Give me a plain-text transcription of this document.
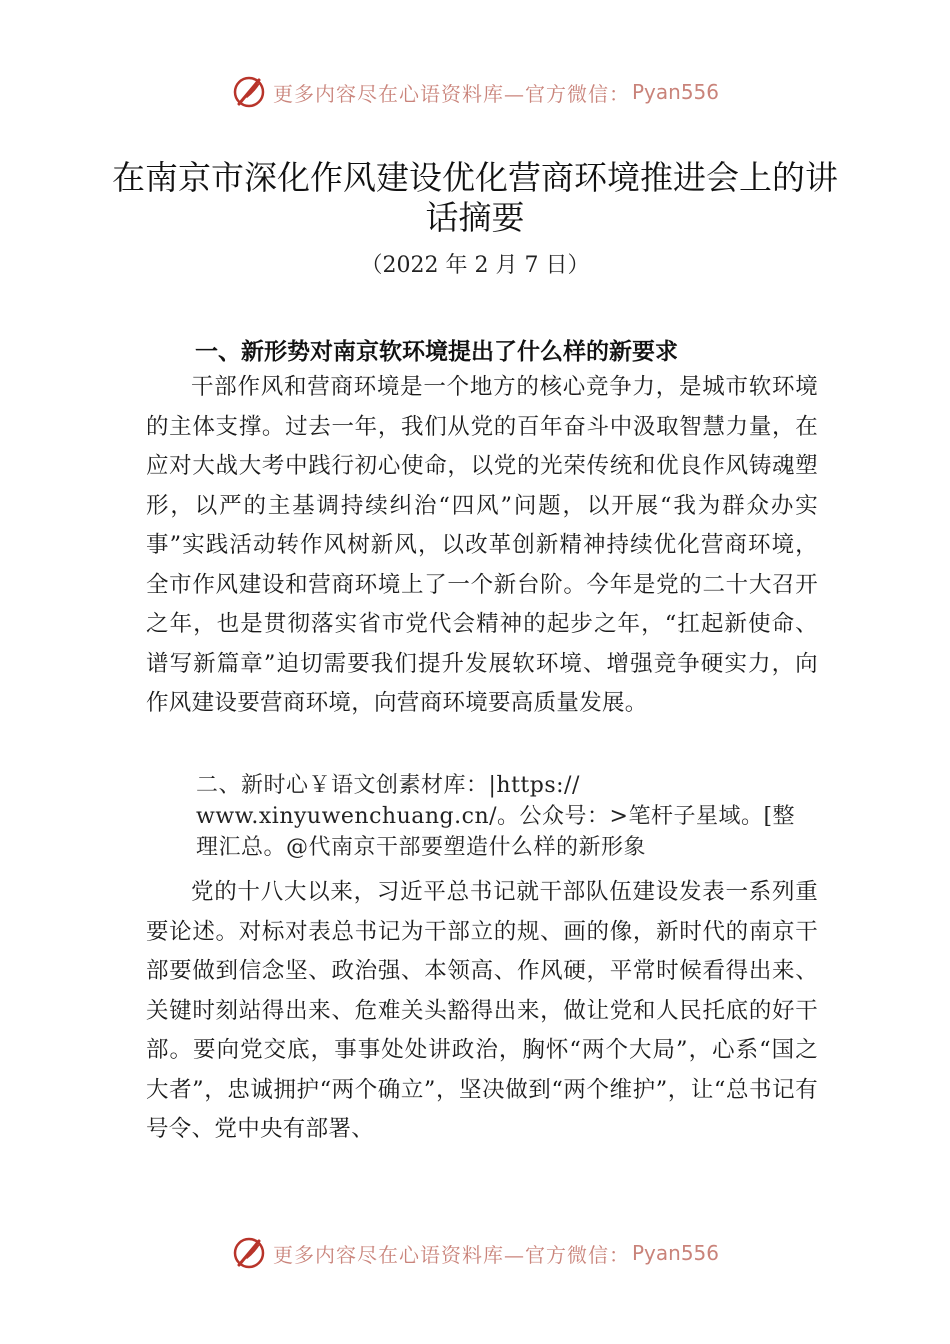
更多内容尽在心语资料库—官方微信： Pyan556
在南京市深化作风建设优化营商环境推进会上的讲话摘要
（2022 年 2 月 7 日）
一、新形势对南京软环境提出了什么样的新要求
干部作风和营商环境是一个地方的核心竞争力，是城市软环境的主体支撑。过去一年，我们从党的百年奋斗中汲取智慧力量，在应对大战大考中践行初心使命，以党的光荣传统和优良作风铸魂塑形，以严的主基调持续纠治“四风”问题，以开展“我为群众办实事”实践活动转作风树新风，以改革创新精神持续优化营商环境，全市作风建设和营商环境上了一个新台阶。今年是党的二十大召开之年，也是贯彻落实省市党代会精神的起步之年，“扛起新使命、谱写新篇章”迫切需要我们提升发展软环境、增强竞争硬实力，向作风建设要营商环境，向营商环境要高质量发展。
二、新时心￥语文创素材库：|https://
www.xinyuwenchuang.cn/。公众号：>笔杆子星域。[整
理汇总。@代南京干部要塑造什么样的新形象
党的十八大以来，习近平总书记就干部队伍建设发表一系列重要论述。对标对表总书记为干部立的规、画的像，新时代的南京干部要做到信念坚、政治强、本领高、作风硬，平常时候看得出来、关键时刻站得出来、危难关头豁得出来，做让党和人民托底的好干部。要向党交底，事事处处讲政治，胸怀“两个大局”，心系“国之大者”，忠诚拥护“两个确立”，坚决做到“两个维护”，让“总书记有号令、党中央有部署、
更多内容尽在心语资料库—官方微信： Pyan556
